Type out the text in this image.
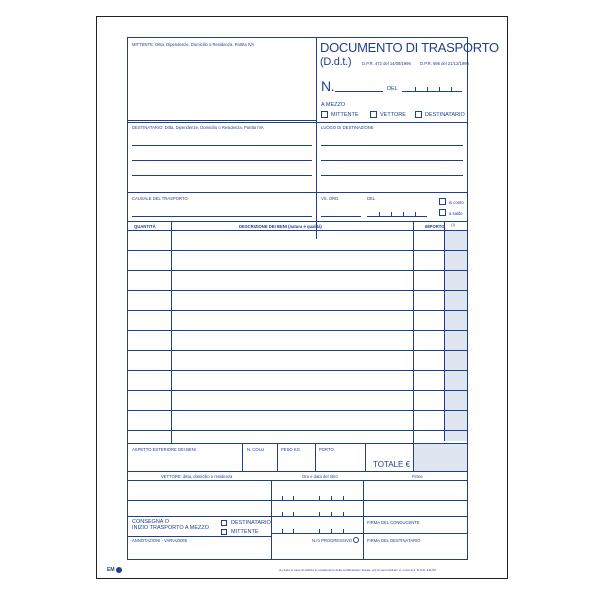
MITTENTE: Ditta, Dipendenze, Domicilio o Residenza, Partita IVA	DOCUMENTO DI TRASPORTO
(D.d.t.)	D.P.R. 472 del 14/08/1996 D.P.R. 696 del 21/12/1996
N.	DEL
A MEZZO
MITTENTE	VETTORE	DESTINATARIO
DESTINATARIO: Ditta, Dipendenze, Domicilio o Residenza, Partita IVA	LUOGO DI DESTINAZIONE
CAUSALE DEL TRASPORTO	VS. ORD.	DEL
in conto
a saldo
QUANTITÀ	DESCRIZIONE DEI BENI (natura e qualità)	IMPORTO (1)
ASPETTO ESTERIORE DEI BENI	N. COLLI	PESO KG.	PORTO
TOTALE €
VETTORE: ditta, domicilio o residenza	Ora e data del ritiro	Firme
CONSEGNA O
INIZIO TRASPORTO A MEZZO
DESTINATARIO
MITTENTE
FIRMA DEL CONDUCENTE
ANNOTAZIONI - VARIAZIONI	N.ro PROGRESSIVO	FIRMA DEL DESTINATARIO
EM	(1) Solo in caso di utilizzo in sostituzione della certificazione fiscale. (2) Ai sensi dell'art. 2, comma 2, D.P.R. 441/97.
